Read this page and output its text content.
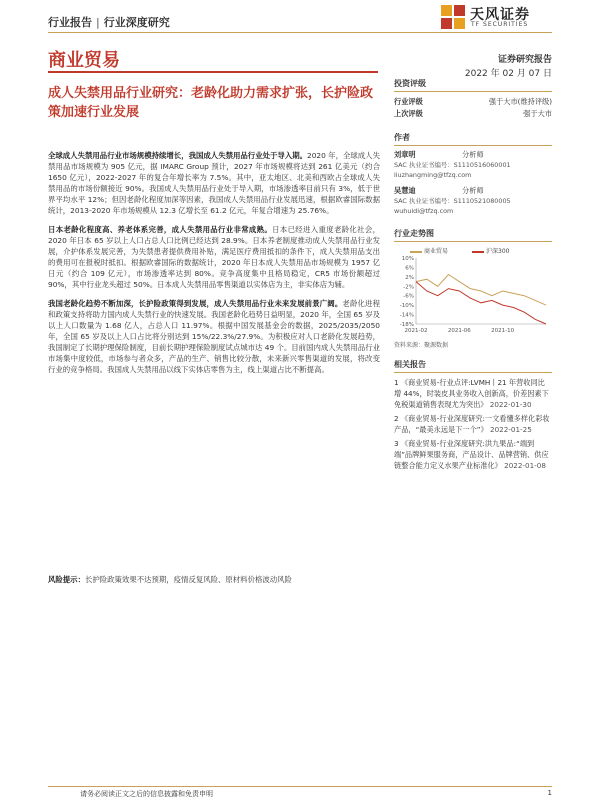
行业报告 | 行业深度研究	天风证券
TF SECURITIES
商业贸易	证券研究报告
2022 年 02 月 07 日
成人失禁用品行业研究：老龄化助力需求扩张，长护险政策加速行业发展

全球成人失禁用品行业市场规模持续增长，我国成人失禁用品行业处于导入期。2020 年，全球成人失禁用品市场规模为 905 亿元，据 IMARC Group 预计，2027 年市场规模将达到 261 亿美元（约合 1650 亿元），2022-2027 年的复合年增长率为 7.5%。其中，亚太地区、北美和西欧占全球成人失禁用品的市场份额接近 90%。我国成人失禁用品行业处于导入期，市场渗透率目前只有 3%，低于世界平均水平 12%；但因老龄化程度加深等因素，我国成人失禁用品行业发展迅速，根据欧睿国际数据统计，2013-2020 年市场规模从 12.3 亿增长至 61.2 亿元，年复合增速为 25.76%。

日本老龄化程度高、养老体系完善，成人失禁用品行业非常成熟。日本已经进入重度老龄化社会，2020 年日本 65 岁以上人口占总人口比例已经达到 28.9%。日本养老制度推动成人失禁用品行业发展，介护体系发展完善，为失禁患者提供费用补贴，满足医疗费用抵扣的条件下，成人失禁用品支出的费用可在报税时抵扣。根据欧睿国际的数据统计，2020 年日本成人失禁用品市场规模为 1957 亿日元（约合 109 亿元），市场渗透率达到 80%。竞争高度集中且格局稳定，CR5 市场份额超过 90%，其中行业龙头超过 50%。日本成人失禁用品零售渠道以实体店为主，非实体店为辅。

我国老龄化趋势不断加深，长护险政策得到发展，成人失禁用品行业未来发展前景广阔。老龄化进程和政策支持将助力国内成人失禁行业的快速发展。我国老龄化趋势日益明显，2020 年，全国 65 岁及以上人口数量为 1.68 亿人，占总人口 11.97%。根据中国发展基金会的数据，2025/2035/2050 年，全国 65 岁及以上人口占比将分别达到 15%/22.3%/27.9%。为积极应对人口老龄化发展趋势，我国制定了长期护理保险制度，目前长期护理保险制度试点城市达 49 个。目前国内成人失禁用品行业市场集中度较低，市场参与者众多，产品的生产、销售比较分散，未来新兴零售渠道的发展，将改变行业的竞争格局。我国成人失禁用品以线下实体店零售为主，线上渠道占比不断提高。

风险提示：长护险政策效果不达预期，疫情反复风险、原材料价格波动风险
投资评级
行业评级	强于大市(维持评级)
上次评级	强于大市
作者
刘章明	分析师
SAC 执业证书编号：S1110516060001
liuzhangming@tfzq.com
吴慧迪	分析师
SAC 执业证书编号：S1110521080005
wuhuidi@tfzq.com
行业走势图
商业贸易	沪深300
10%
6%
2%
-2%
-6%
-10%
-14%
-18%
2021-02	2021-06	2021-10
资料来源：聚源数据
相关报告
1 《商业贸易-行业点评:LVMH丨21 年营收同比增 44%，时装皮具业务收入创新高，价差因素下免税渠道销售表现尤为突出》 2022-01-30
2 《商业贸易-行业深度研究:一文看懂多样化彩妆产品，“最美永远是下一个”》 2022-01-25
3 《商业贸易-行业深度研究:洪九果品:“端到端”品牌鲜果服务商，产品设计、品牌营销、供应链整合能力定义水果产业标准化》 2022-01-08
请务必阅读正文之后的信息披露和免责申明	1
